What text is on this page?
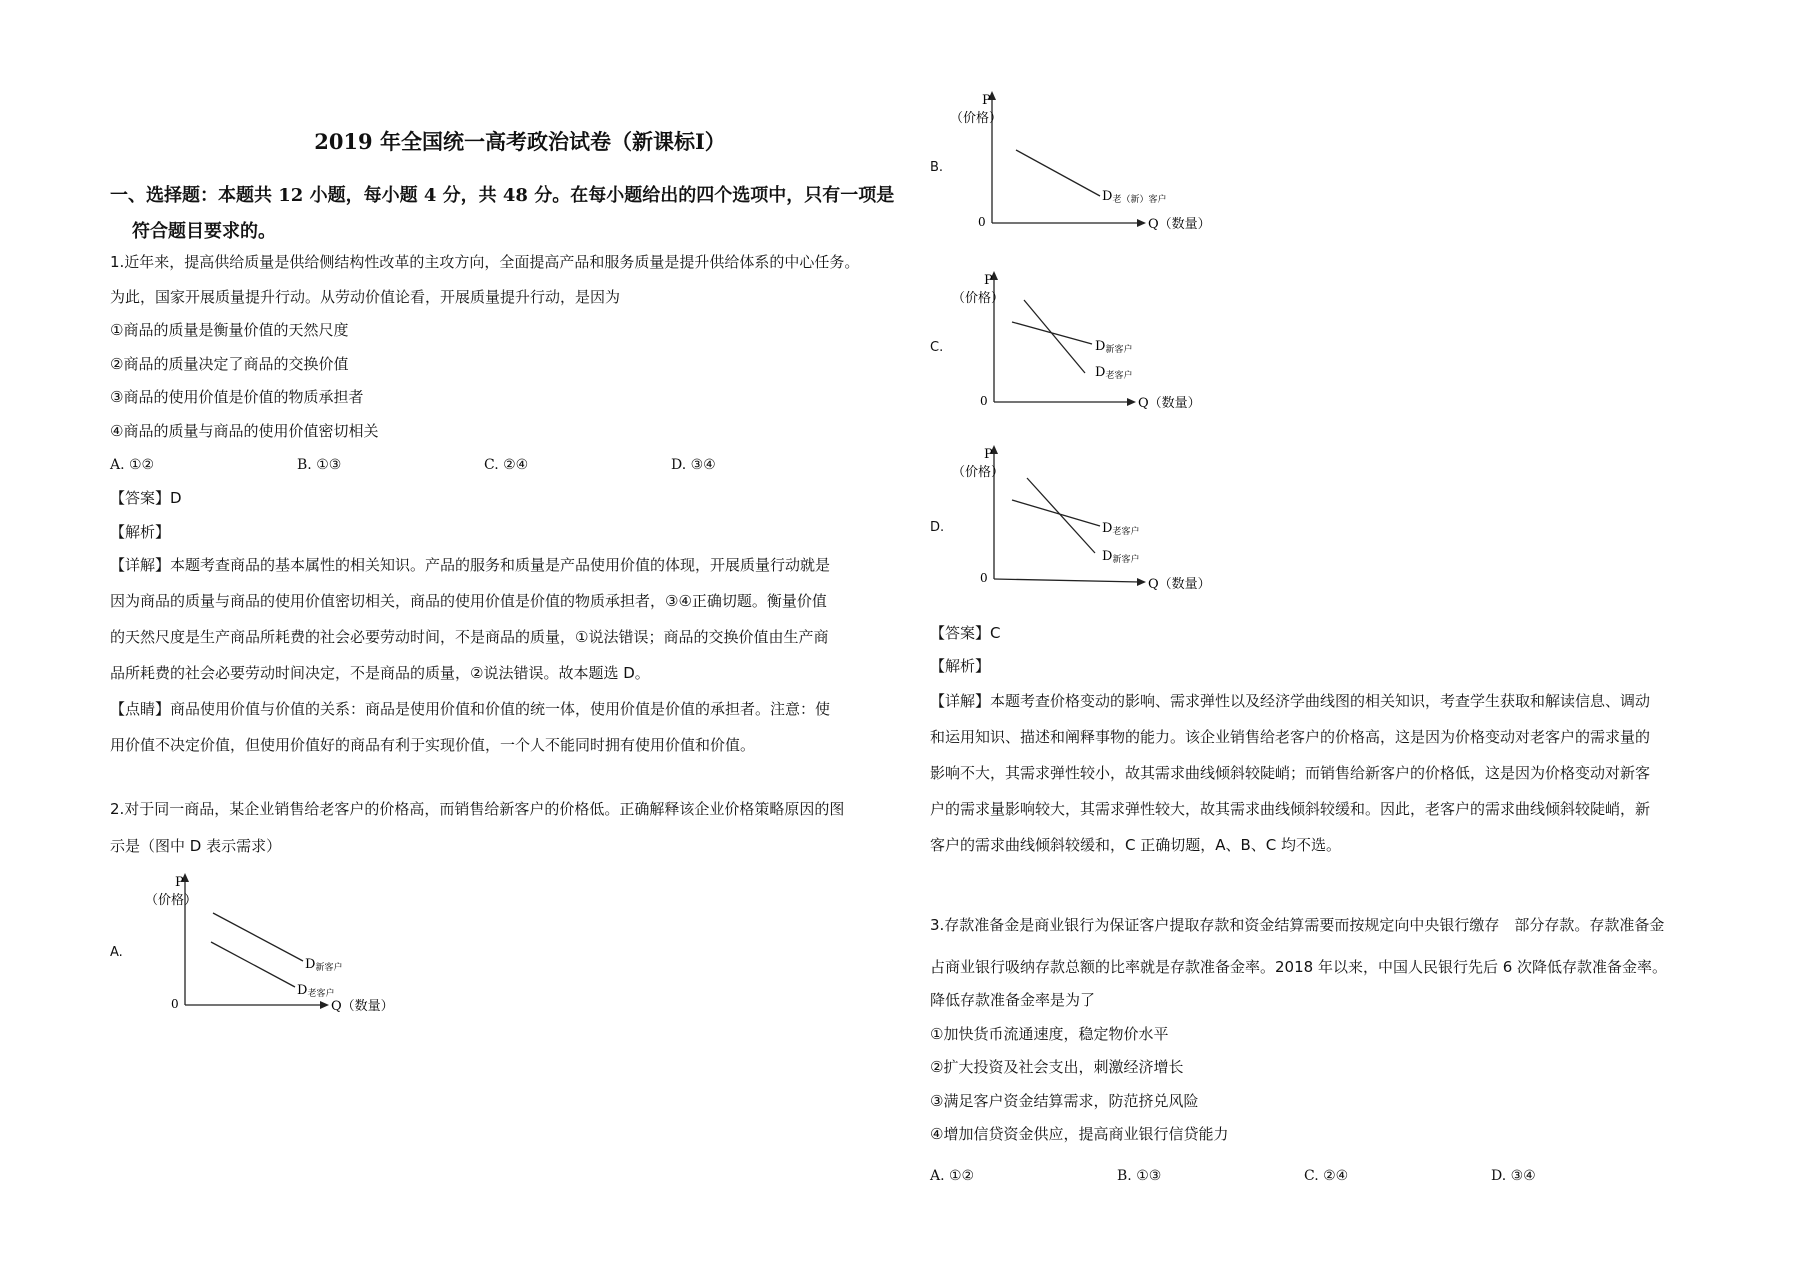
2019 年全国统一高考政治试卷（新课标I）
一、选择题：本题共 12 小题，每小题 4 分，共 48 分。在每小题给出的四个选项中，只有一项是
符合题目要求的。
1.近年来，提高供给质量是供给侧结构性改革的主攻方向，全面提高产品和服务质量是提升供给体系的中心任务。
为此，国家开展质量提升行动。从劳动价值论看，开展质量提升行动，是因为
①商品的质量是衡量价值的天然尺度
②商品的质量决定了商品的交换价值
③商品的使用价值是价值的物质承担者
④商品的质量与商品的使用价值密切相关
A. ①②	B. ①③	C. ②④	D. ③④
【答案】D
【解析】
【详解】本题考查商品的基本属性的相关知识。产品的服务和质量是产品使用价值的体现，开展质量行动就是
因为商品的质量与商品的使用价值密切相关，商品的使用价值是价值的物质承担者，③④正确切题。衡量价值
的天然尺度是生产商品所耗费的社会必要劳动时间，不是商品的质量，①说法错误；商品的交换价值由生产商
品所耗费的社会必要劳动时间决定，不是商品的质量，②说法错误。故本题选 D。
【点睛】商品使用价值与价值的关系：商品是使用价值和价值的统一体，使用价值是价值的承担者。注意：使
用价值不决定价值，但使用价值好的商品有利于实现价值，一个人不能同时拥有使用价值和价值。
2.对于同一商品，某企业销售给老客户的价格高，而销售给新客户的价格低。正确解释该企业价格策略原因的图
示是（图中 D 表示需求）
A.
P
（价格）
0	Q（数量）
D新客户
D老客户
B.
P
（价格）
0	Q（数量）
D老（新）客户
C.
P
（价格）
0	Q（数量）
D新客户
D老客户
D.
P
（价格）
0	Q（数量）
D老客户
D新客户
【答案】C
【解析】
【详解】本题考查价格变动的影响、需求弹性以及经济学曲线图的相关知识，考查学生获取和解读信息、调动
和运用知识、描述和阐释事物的能力。该企业销售给老客户的价格高，这是因为价格变动对老客户的需求量的
影响不大，其需求弹性较小，故其需求曲线倾斜较陡峭；而销售给新客户的价格低，这是因为价格变动对新客
户的需求量影响较大，其需求弹性较大，故其需求曲线倾斜较缓和。因此，老客户的需求曲线倾斜较陡峭，新
客户的需求曲线倾斜较缓和，C 正确切题，A、B、C 均不选。
3.存款准备金是商业银行为保证客户提取存款和资金结算需要而按规定向中央银行缴存　部分存款。存款准备金
占商业银行吸纳存款总额的比率就是存款准备金率。2018 年以来，中国人民银行先后 6 次降低存款准备金率。
降低存款准备金率是为了
①加快货币流通速度，稳定物价水平
②扩大投资及社会支出，刺激经济增长
③满足客户资金结算需求，防范挤兑风险
④增加信贷资金供应，提高商业银行信贷能力
A. ①②	B. ①③	C. ②④	D. ③④
